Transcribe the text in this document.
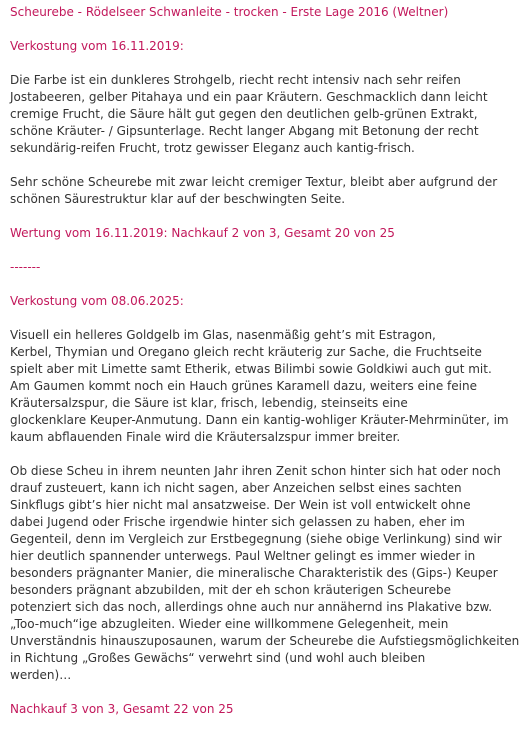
Scheurebe - Rödelseer Schwanleite - trocken - Erste Lage 2016 (Weltner)

Verkostung vom 16.11.2019:

Die Farbe ist ein dunkleres Strohgelb, riecht recht intensiv nach sehr reifen
Jostabeeren, gelber Pitahaya und ein paar Kräutern. Geschmacklich dann leicht
cremige Frucht, die Säure hält gut gegen den deutlichen gelb-grünen Extrakt,
schöne Kräuter- / Gipsunterlage. Recht langer Abgang mit Betonung der recht
sekundärig-reifen Frucht, trotz gewisser Eleganz auch kantig-frisch.

Sehr schöne Scheurebe mit zwar leicht cremiger Textur, bleibt aber aufgrund der
schönen Säurestruktur klar auf der beschwingten Seite.

Wertung vom 16.11.2019: Nachkauf 2 von 3, Gesamt 20 von 25

-------

Verkostung vom 08.06.2025:

Visuell ein helleres Goldgelb im Glas, nasenmäßig geht’s mit Estragon,
Kerbel, Thymian und Oregano gleich recht kräuterig zur Sache, die Fruchtseite
spielt aber mit Limette samt Etherik, etwas Bilimbi sowie Goldkiwi auch gut mit.
Am Gaumen kommt noch ein Hauch grünes Karamell dazu, weiters eine feine
Kräutersalzspur, die Säure ist klar, frisch, lebendig, steinseits eine
glockenklare Keuper-Anmutung. Dann ein kantig-wohliger Kräuter-Mehrminüter, im
kaum abflauenden Finale wird die Kräutersalzspur immer breiter.

Ob diese Scheu in ihrem neunten Jahr ihren Zenit schon hinter sich hat oder noch
drauf zusteuert, kann ich nicht sagen, aber Anzeichen selbst eines sachten
Sinkflugs gibt’s hier nicht mal ansatzweise. Der Wein ist voll entwickelt ohne
dabei Jugend oder Frische irgendwie hinter sich gelassen zu haben, eher im
Gegenteil, denn im Vergleich zur Erstbegegnung (siehe obige Verlinkung) sind wir
hier deutlich spannender unterwegs. Paul Weltner gelingt es immer wieder in
besonders prägnanter Manier, die mineralische Charakteristik des (Gips-) Keuper
besonders prägnant abzubilden, mit der eh schon kräuterigen Scheurebe
potenziert sich das noch, allerdings ohne auch nur annähernd ins Plakative bzw.
„Too-much“ige abzugleiten. Wieder eine willkommene Gelegenheit, mein
Unverständnis hinauszuposaunen, warum der Scheurebe die Aufstiegsmöglichkeiten
in Richtung „Großes Gewächs“ verwehrt sind (und wohl auch bleiben
werden)…

Nachkauf 3 von 3, Gesamt 22 von 25
